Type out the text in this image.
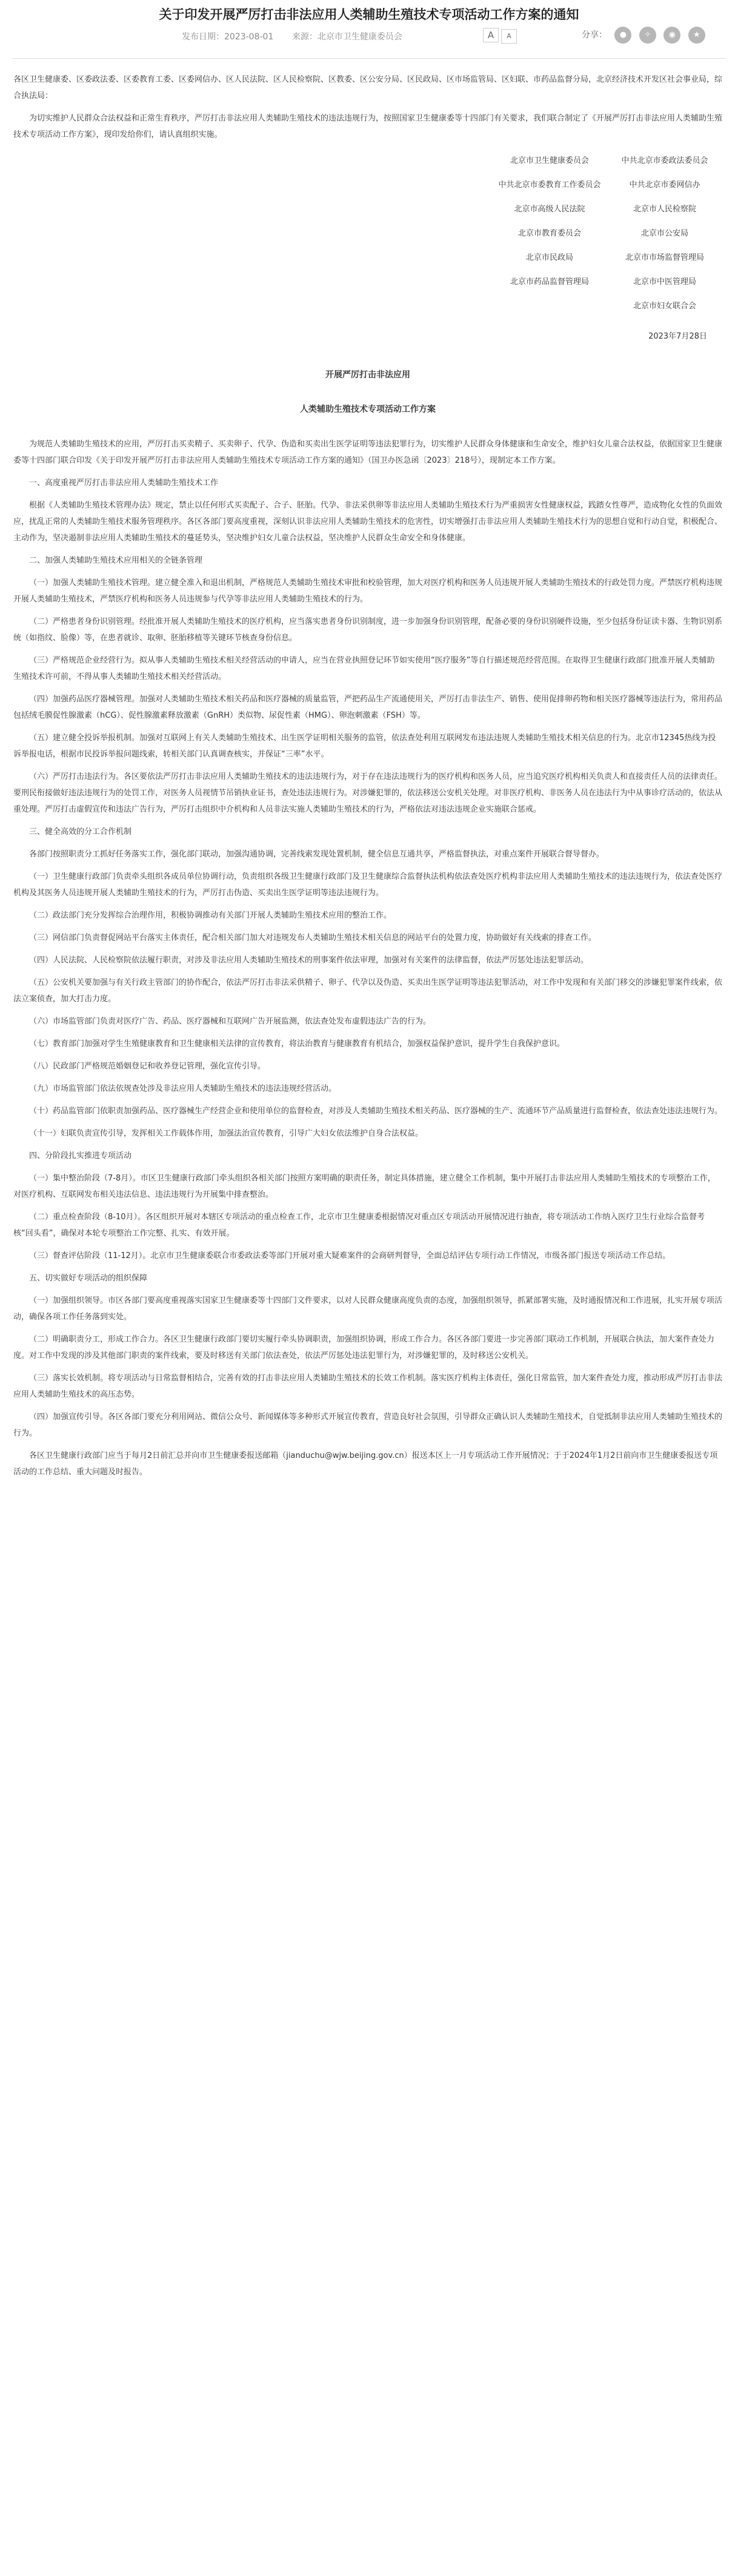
关于印发开展严厉打击非法应用人类辅助生殖技术专项活动工作方案的通知
发布日期：2023-08-01 来源：北京市卫生健康委员会	A A	分享： ● ✧ ◉ ★

各区卫生健康委、区委政法委、区委教育工委、区委网信办、区人民法院、区人民检察院、区教委、区公安分局、区民政局、区市场监管局、区妇联、市药品监督分局，北京经济技术开发区社会事业局，综合执法局：

为切实维护人民群众合法权益和正常生育秩序，严厉打击非法应用人类辅助生殖技术的违法违规行为，按照国家卫生健康委等十四部门有关要求，我们联合制定了《开展严厉打击非法应用人类辅助生殖技术专项活动工作方案》，现印发给你们，请认真组织实施。

北京市卫生健康委员会	中共北京市委政法委员会
中共北京市委教育工作委员会	中共北京市委网信办
北京市高级人民法院	北京市人民检察院
北京市教育委员会	北京市公安局
北京市民政局	北京市市场监督管理局
北京市药品监督管理局	北京市中医管理局
北京市妇女联合会
2023年7月28日
开展严厉打击非法应用
人类辅助生殖技术专项活动工作方案

为规范人类辅助生殖技术的应用，严厉打击买卖精子、买卖卵子、代孕、伪造和买卖出生医学证明等违法犯罪行为，切实维护人民群众身体健康和生命安全，维护妇女儿童合法权益，依据国家卫生健康委等十四部门联合印发《关于印发开展严厉打击非法应用人类辅助生殖技术专项活动工作方案的通知》（国卫办医急函〔2023〕218号），现制定本工作方案。

一、高度重视严厉打击非法应用人类辅助生殖技术工作

根据《人类辅助生殖技术管理办法》规定，禁止以任何形式买卖配子、合子、胚胎。代孕、非法采供卵等非法应用人类辅助生殖技术行为严重损害女性健康权益，践踏女性尊严，造成物化女性的负面效应，扰乱正常的人类辅助生殖技术服务管理秩序。各区各部门要高度重视，深刻认识非法应用人类辅助生殖技术的危害性，切实增强打击非法应用人类辅助生殖技术行为的思想自觉和行动自觉，积极配合、主动作为，坚决遏制非法应用人类辅助生殖技术的蔓延势头，坚决维护妇女儿童合法权益，坚决维护人民群众生命安全和身体健康。

二、加强人类辅助生殖技术应用相关的全链条管理

（一）加强人类辅助生殖技术管理。建立健全准入和退出机制，严格规范人类辅助生殖技术审批和校验管理，加大对医疗机构和医务人员违规开展人类辅助生殖技术的行政处罚力度。严禁医疗机构违规开展人类辅助生殖技术，严禁医疗机构和医务人员违规参与代孕等非法应用人类辅助生殖技术的行为。

（二）严格患者身份识别管理。经批准开展人类辅助生殖技术的医疗机构，应当落实患者身份识别制度，进一步加强身份识别管理，配备必要的身份识别硬件设施，至少包括身份证读卡器、生物识别系统（如指纹、脸像）等，在患者就诊、取卵、胚胎移植等关键环节核查身份信息。

（三）严格规范企业经营行为。拟从事人类辅助生殖技术相关经营活动的申请人，应当在营业执照登记环节如实使用“医疗服务”等自行描述规范经营范围。在取得卫生健康行政部门批准开展人类辅助生殖技术许可前，不得从事人类辅助生殖技术相关经营活动。

（四）加强药品医疗器械管理。加强对人类辅助生殖技术相关药品和医疗器械的质量监管，严把药品生产流通使用关，严厉打击非法生产、销售、使用促排卵药物和相关医疗器械等违法行为，常用药品包括绒毛膜促性腺激素（hCG）、促性腺激素释放激素（GnRH）类似物、尿促性素（HMG）、卵泡刺激素（FSH）等。

（五）建立健全投诉举报机制。加强对互联网上有关人类辅助生殖技术、出生医学证明相关服务的监管，依法查处利用互联网发布违法违规人类辅助生殖技术相关信息的行为。北京市12345热线为投诉举报电话，根据市民投诉举报问题线索，转相关部门认真调查核实，并保证“三率”水平。

（六）严厉打击违法行为。各区要依法严厉打击非法应用人类辅助生殖技术的违法违规行为，对于存在违法违规行为的医疗机构和医务人员，应当追究医疗机构相关负责人和直接责任人员的法律责任。要刑民衔接做好违法违规行为的处罚工作，对医务人员视情节吊销执业证书，查处违法违规行为。对涉嫌犯罪的，依法移送公安机关处理。对非医疗机构、非医务人员在违法行为中从事诊疗活动的，依法从重处理。严厉打击虚假宣传和违法广告行为，严厉打击组织中介机构和人员非法实施人类辅助生殖技术的行为，严格依法对违法违规企业实施联合惩戒。

三、健全高效的分工合作机制

各部门按照职责分工抓好任务落实工作，强化部门联动，加强沟通协调，完善线索发现处置机制，健全信息互通共享，严格监督执法，对重点案件开展联合督导督办。

（一）卫生健康行政部门负责牵头组织各成员单位协调行动，负责组织各级卫生健康行政部门及卫生健康综合监督执法机构依法查处医疗机构非法应用人类辅助生殖技术的违法违规行为，依法查处医疗机构及其医务人员违规开展人类辅助生殖技术的行为，严厉打击伪造、买卖出生医学证明等违法违规行为。

（二）政法部门充分发挥综合治理作用，积极协调推动有关部门开展人类辅助生殖技术应用的整治工作。

（三）网信部门负责督促网站平台落实主体责任，配合相关部门加大对违规发布人类辅助生殖技术相关信息的网站平台的处置力度，协助做好有关线索的排查工作。

（四）人民法院、人民检察院依法履行职责，对涉及非法应用人类辅助生殖技术的刑事案件依法审理，加强对有关案件的法律监督，依法严厉惩处违法犯罪活动。

（五）公安机关要加强与有关行政主管部门的协作配合，依法严厉打击非法采供精子、卵子、代孕以及伪造、买卖出生医学证明等违法犯罪活动，对工作中发现和有关部门移交的涉嫌犯罪案件线索，依法立案侦查，加大打击力度。

（六）市场监管部门负责对医疗广告、药品、医疗器械和互联网广告开展监测，依法查处发布虚假违法广告的行为。

（七）教育部门加强对学生生殖健康教育和卫生健康相关法律的宣传教育，将法治教育与健康教育有机结合，加强权益保护意识，提升学生自我保护意识。

（八）民政部门严格规范婚姻登记和收养登记管理，强化宣传引导。

（九）市场监管部门依法依规查处涉及非法应用人类辅助生殖技术的违法违规经营活动。

（十）药品监管部门依职责加强药品、医疗器械生产经营企业和使用单位的监督检查，对涉及人类辅助生殖技术相关药品、医疗器械的生产、流通环节产品质量进行监督检查，依法查处违法违规行为。

（十一）妇联负责宣传引导，发挥相关工作载体作用，加强法治宣传教育，引导广大妇女依法维护自身合法权益。

四、分阶段扎实推进专项活动

（一）集中整治阶段（7-8月）。市区卫生健康行政部门牵头组织各相关部门按照方案明确的职责任务，制定具体措施，建立健全工作机制，集中开展打击非法应用人类辅助生殖技术的专项整治工作，对医疗机构、互联网发布相关违法信息、违法违规行为开展集中排查整治。

（二）重点检查阶段（8-10月）。各区组织开展对本辖区专项活动的重点检查工作，北京市卫生健康委根据情况对重点区专项活动开展情况进行抽查，将专项活动工作纳入医疗卫生行业综合监督考核“回头看”，确保对本轮专项整治工作完整、扎实、有效开展。

（三）督查评估阶段（11-12月）。北京市卫生健康委联合市委政法委等部门开展对重大疑难案件的会商研判督导，全面总结评估专项行动工作情况，市级各部门报送专项活动工作总结。

五、切实做好专项活动的组织保障

（一）加强组织领导。市区各部门要高度重视落实国家卫生健康委等十四部门文件要求，以对人民群众健康高度负责的态度，加强组织领导，抓紧部署实施，及时通报情况和工作进展，扎实开展专项活动，确保各项工作任务落到实处。

（二）明确职责分工，形成工作合力。各区卫生健康行政部门要切实履行牵头协调职责，加强组织协调，形成工作合力。各区各部门要进一步完善部门联动工作机制，开展联合执法，加大案件查处力度。对工作中发现的涉及其他部门职责的案件线索，要及时移送有关部门依法查处，依法严厉惩处违法犯罪行为，对涉嫌犯罪的，及时移送公安机关。

（三）落实长效机制。将专项活动与日常监督相结合，完善有效的打击非法应用人类辅助生殖技术的长效工作机制。落实医疗机构主体责任，强化日常监管，加大案件查处力度，推动形成严厉打击非法应用人类辅助生殖技术的高压态势。

（四）加强宣传引导。各区各部门要充分利用网站、微信公众号、新闻媒体等多种形式开展宣传教育，营造良好社会氛围，引导群众正确认识人类辅助生殖技术，自觉抵制非法应用人类辅助生殖技术的行为。

各区卫生健康行政部门应当于每月2日前汇总并向市卫生健康委报送邮箱（jianduchu@wjw.beijing.gov.cn）报送本区上一月专项活动工作开展情况；于于2024年1月2日前向市卫生健康委报送专项活动的工作总结、重大问题及时报告。
